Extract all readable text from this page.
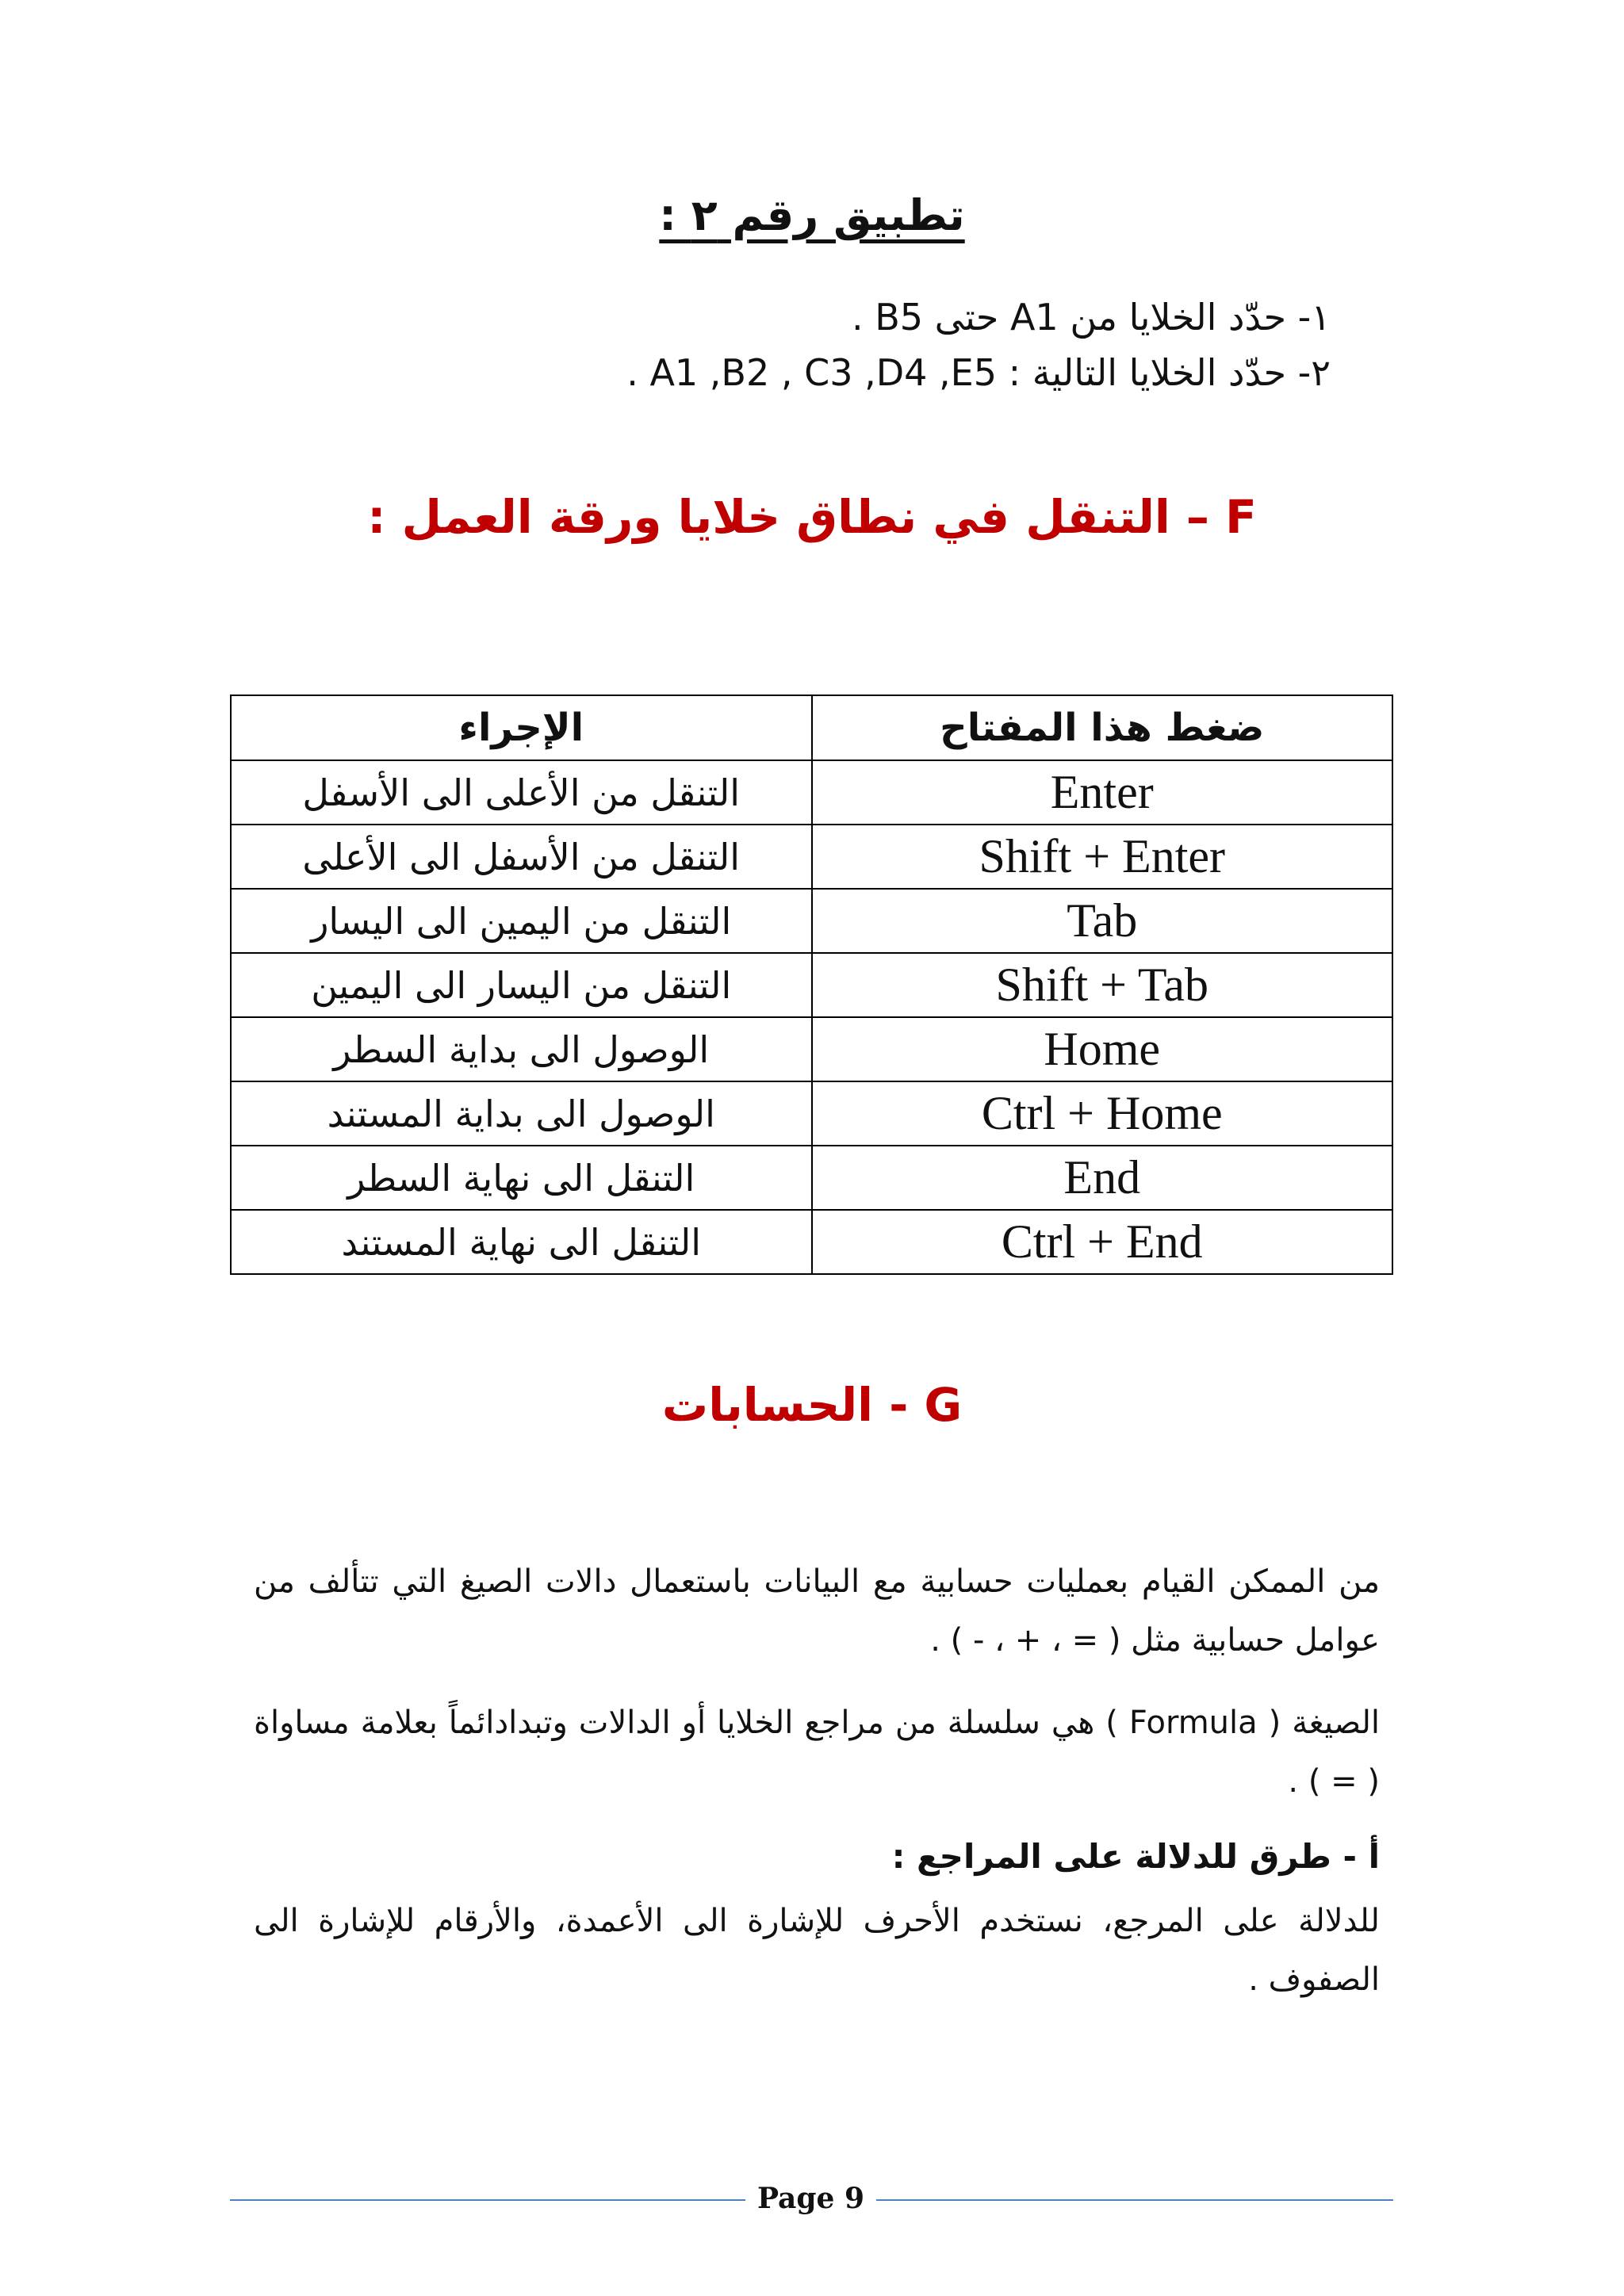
تطبيق رقم ٢ :
١- حدّد الخلايا من A1 حتى B5 .
٢- حدّد الخلايا التالية : A1 ,B2 , C3 ,D4 ,E5 .
F – التنقل في نطاق خلايا ورقة العمل :
الإجراء	ضغط هذا المفتاح
التنقل من الأعلى الى الأسفل	Enter
التنقل من الأسفل الى الأعلى	Shift + Enter
التنقل من اليمين الى اليسار	Tab
التنقل من اليسار الى اليمين	Shift + Tab
الوصول الى بداية السطر	Home
الوصول الى بداية المستند	Ctrl + Home
التنقل الى نهاية السطر	End
التنقل الى نهاية المستند	Ctrl + End
G - الحسابات
من الممكن القيام بعمليات حسابية مع البيانات باستعمال دالات الصيغ التي تتألف من عوامل حسابية مثل ( = ، + ، - ) .
الصيغة ( Formula ) هي سلسلة من مراجع الخلايا أو الدالات وتبدادائماً بعلامة مساواة ( = ) .
أ - طرق للدلالة على المراجع :
للدلالة على المرجع، نستخدم الأحرف للإشارة الى الأعمدة، والأرقام للإشارة الى الصفوف .
Page 9
